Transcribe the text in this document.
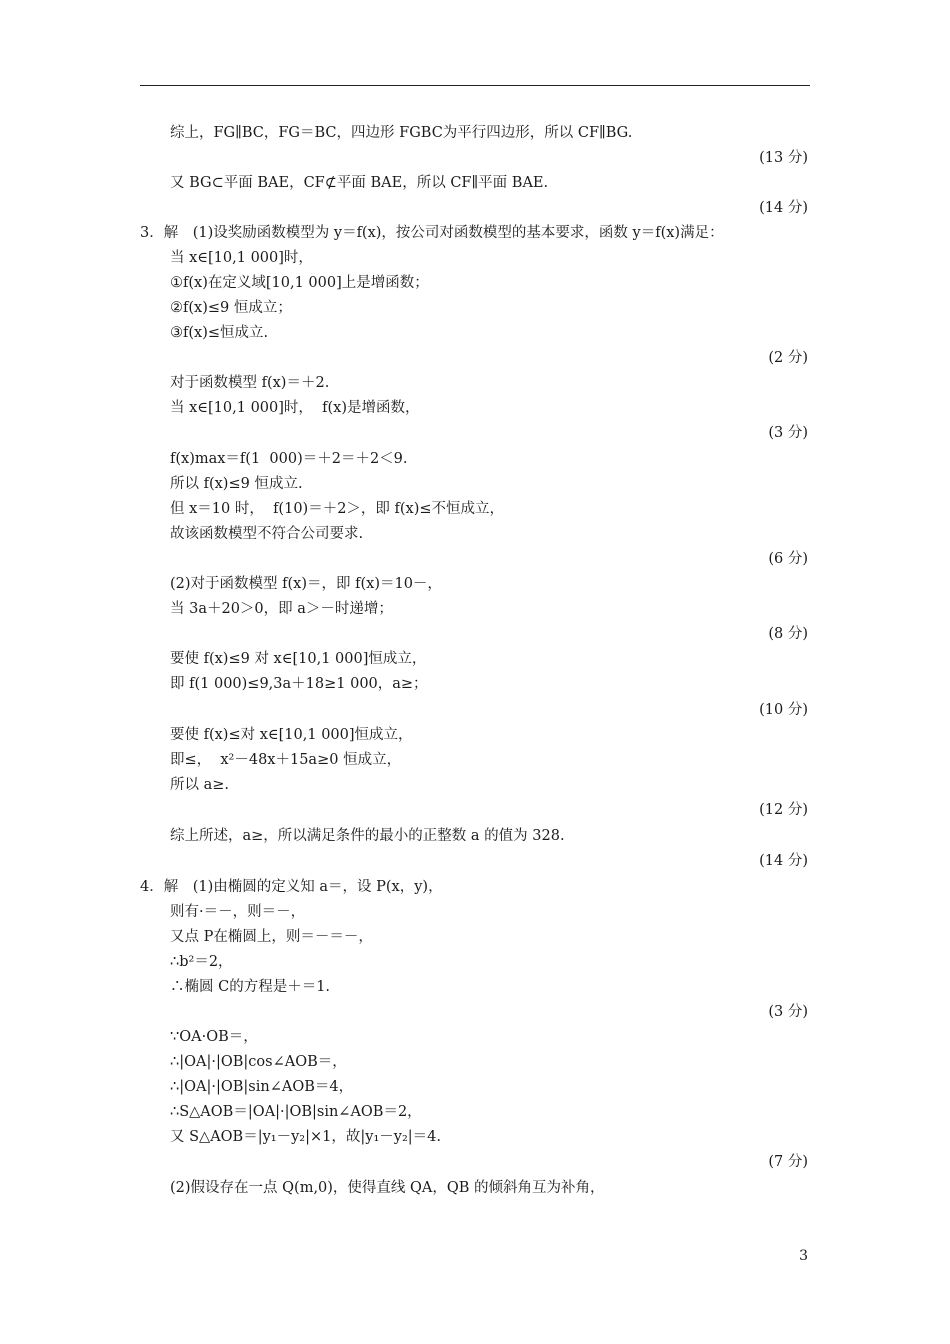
综上，FG∥BC，FG＝BC，四边形 FGBC为平行四边形，所以 CF∥BG.
(13 分)
又 BG⊂平面 BAE，CF⊄平面 BAE，所以 CF∥平面 BAE.
(14 分)
3．解　(1)设奖励函数模型为 y＝f(x)，按公司对函数模型的基本要求，函数 y＝f(x)满足：
当 x∈[10,1 000]时，
①f(x)在定义域[10,1 000]上是增函数；
②f(x)≤9 恒成立；
③f(x)≤恒成立.
(2 分)
对于函数模型 f(x)＝＋2.
当 x∈[10,1 000]时，  f(x)是增函数，
(3 分)
f(x)max＝f(1  000)＝＋2＝＋2＜9.
所以 f(x)≤9 恒成立.
但 x＝10 时，  f(10)＝＋2＞，即 f(x)≤不恒成立，
故该函数模型不符合公司要求.
(6 分)
(2)对于函数模型 f(x)＝，即 f(x)＝10－，
当 3a＋20＞0，即 a＞－时递增；
(8 分)
要使 f(x)≤9 对 x∈[10,1 000]恒成立，
即 f(1 000)≤9,3a＋18≥1 000，a≥；
(10 分)
要使 f(x)≤对 x∈[10,1 000]恒成立，
即≤，  x²－48x＋15a≥0 恒成立，
所以 a≥.
(12 分)
综上所述，a≥，所以满足条件的最小的正整数 a 的值为 328.
(14 分)
4．解　(1)由椭圆的定义知 a＝，设 P(x，y)，
则有·＝－，则＝－，
又点 P在椭圆上，则＝－＝－，
∴b²＝2，
∴椭圆 C的方程是＋＝1.
(3 分)
∵OA·OB＝，
∴|OA|·|OB|cos∠AOB＝，
∴|OA|·|OB|sin∠AOB＝4，
∴S△AOB＝|OA|·|OB|sin∠AOB＝2，
又 S△AOB＝|y₁－y₂|×1，故|y₁－y₂|＝4.
(7 分)
(2)假设存在一点 Q(m,0)，使得直线 QA，QB 的倾斜角互为补角，
3
